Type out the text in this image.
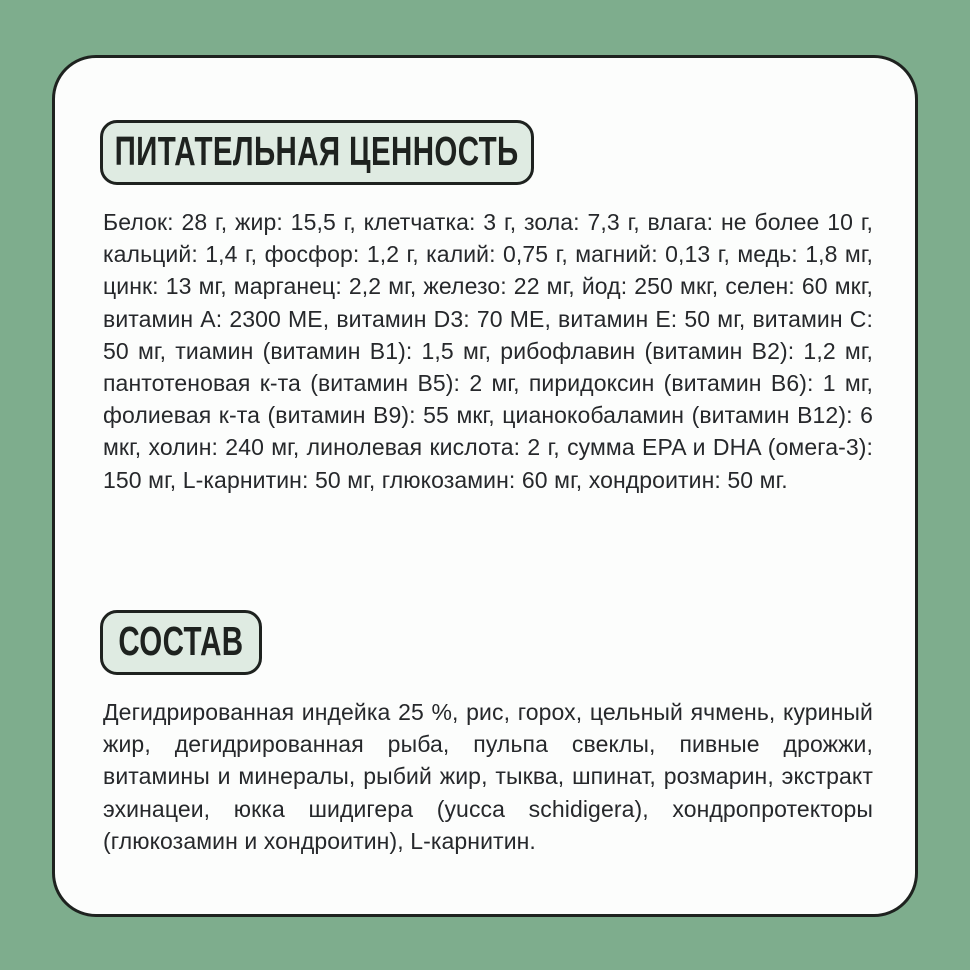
ПИТАТЕЛЬНАЯ ЦЕННОСТЬ

Белок: 28 г, жир: 15,5 г, клетчатка: 3 г, зола: 7,3 г, влага: не более 10 г, кальций: 1,4 г, фосфор: 1,2 г, калий: 0,75 г, магний: 0,13 г, медь: 1,8 мг, цинк: 13 мг, марганец: 2,2 мг, железо: 22 мг, йод: 250 мкг, селен: 60 мкг, витамин A: 2300 МЕ, витамин D3: 70 МЕ, витамин E: 50 мг, витамин C: 50 мг, тиамин (витамин B1): 1,5 мг, рибофлавин (витамин B2): 1,2 мг, пантотеновая к-та (витамин B5): 2 мг, пиридоксин (витамин B6): 1 мг, фолиевая к-та (витамин B9): 55 мкг, цианокобаламин (витамин B12): 6 мкг, холин: 240 мг, линолевая кислота: 2 г, сумма EPA и DHA (омега-3): 150 мг, L-карнитин: 50 мг, глюкозамин: 60 мг, хондроитин: 50 мг.

СОСТАВ

Дегидрированная индейка 25 %, рис, горох, цельный ячмень, куриный жир, дегидрированная рыба, пульпа свеклы, пивные дрожжи, витамины и минералы, рыбий жир, тыква, шпинат, розмарин, экстракт эхинацеи, юкка шидигера (yucca schidigera), хондропротекторы (глюкозамин и хондроитин), L-карнитин.
